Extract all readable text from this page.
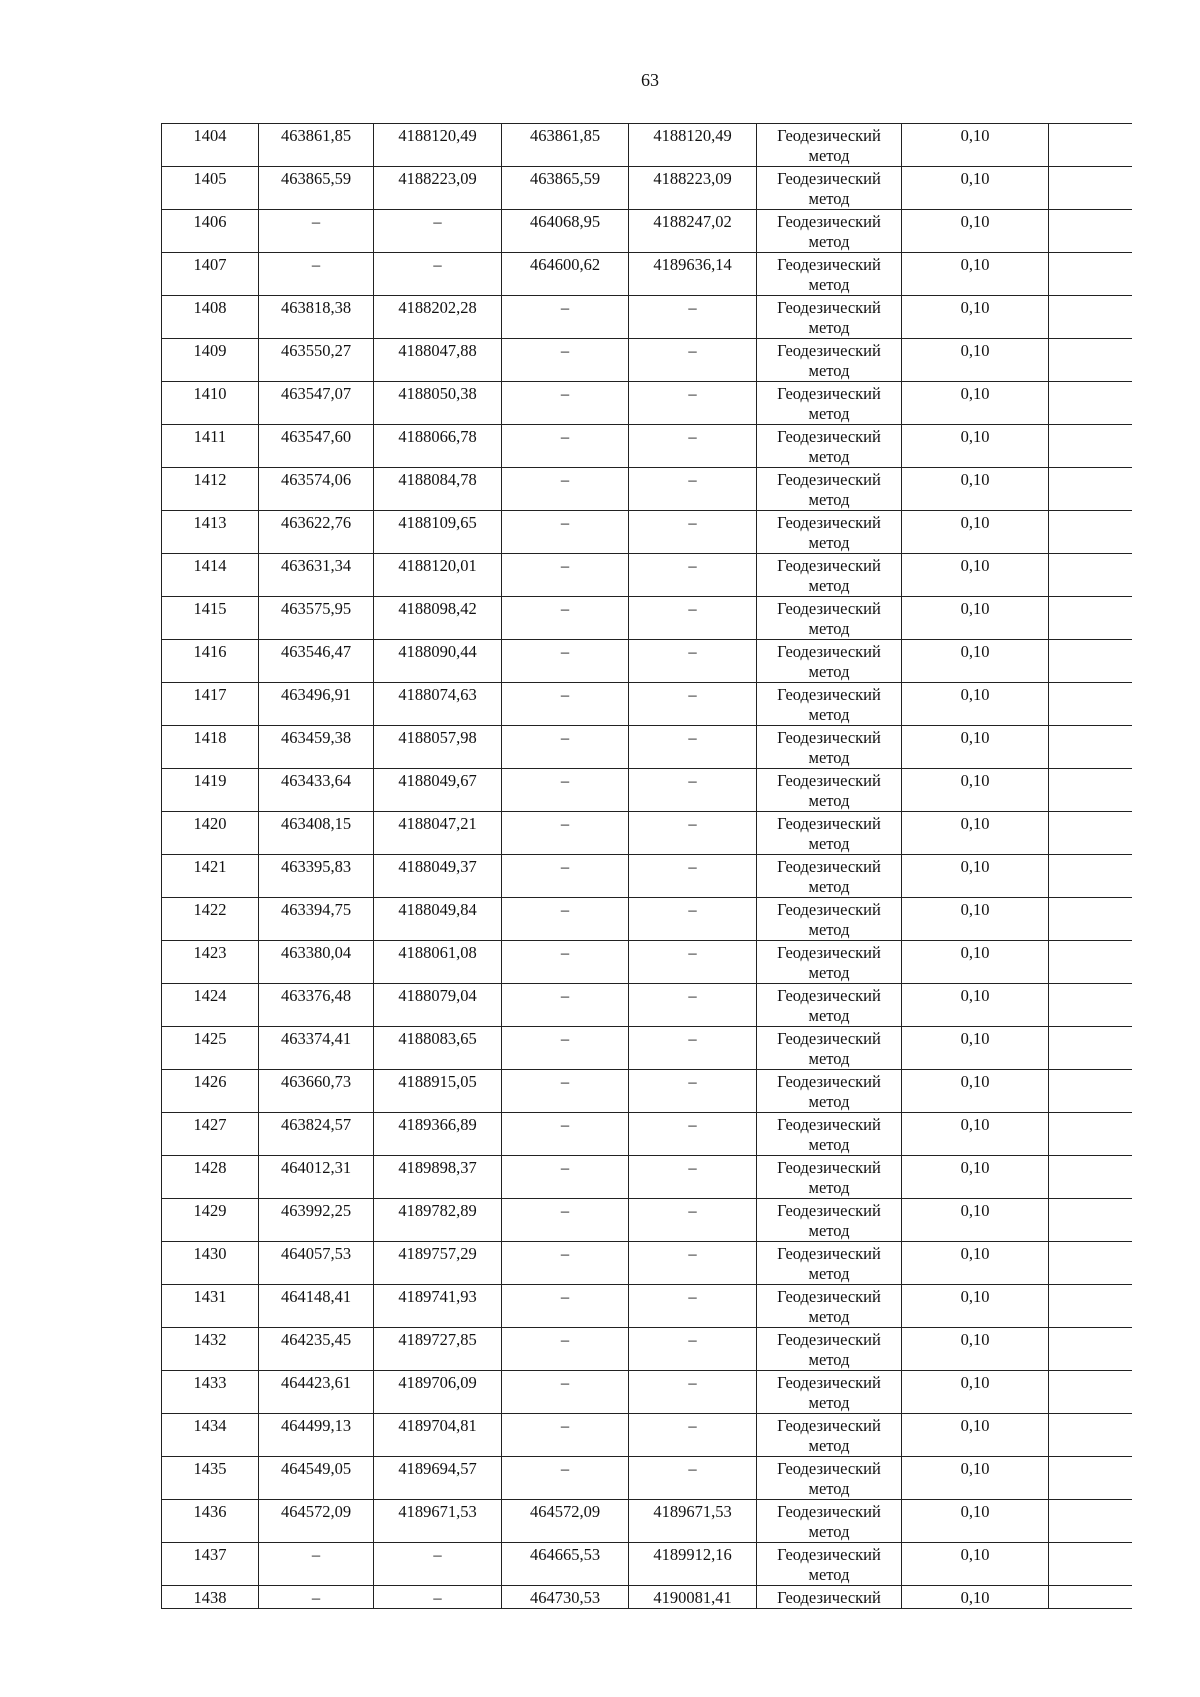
63
1404	463861,85	4188120,49	463861,85	4188120,49	Геодезический метод	0,10	
1405	463865,59	4188223,09	463865,59	4188223,09	Геодезический метод	0,10	
1406	–	–	464068,95	4188247,02	Геодезический метод	0,10	
1407	–	–	464600,62	4189636,14	Геодезический метод	0,10	
1408	463818,38	4188202,28	–	–	Геодезический метод	0,10	
1409	463550,27	4188047,88	–	–	Геодезический метод	0,10	
1410	463547,07	4188050,38	–	–	Геодезический метод	0,10	
1411	463547,60	4188066,78	–	–	Геодезический метод	0,10	
1412	463574,06	4188084,78	–	–	Геодезический метод	0,10	
1413	463622,76	4188109,65	–	–	Геодезический метод	0,10	
1414	463631,34	4188120,01	–	–	Геодезический метод	0,10	
1415	463575,95	4188098,42	–	–	Геодезический метод	0,10	
1416	463546,47	4188090,44	–	–	Геодезический метод	0,10	
1417	463496,91	4188074,63	–	–	Геодезический метод	0,10	
1418	463459,38	4188057,98	–	–	Геодезический метод	0,10	
1419	463433,64	4188049,67	–	–	Геодезический метод	0,10	
1420	463408,15	4188047,21	–	–	Геодезический метод	0,10	
1421	463395,83	4188049,37	–	–	Геодезический метод	0,10	
1422	463394,75	4188049,84	–	–	Геодезический метод	0,10	
1423	463380,04	4188061,08	–	–	Геодезический метод	0,10	
1424	463376,48	4188079,04	–	–	Геодезический метод	0,10	
1425	463374,41	4188083,65	–	–	Геодезический метод	0,10	
1426	463660,73	4188915,05	–	–	Геодезический метод	0,10	
1427	463824,57	4189366,89	–	–	Геодезический метод	0,10	
1428	464012,31	4189898,37	–	–	Геодезический метод	0,10	
1429	463992,25	4189782,89	–	–	Геодезический метод	0,10	
1430	464057,53	4189757,29	–	–	Геодезический метод	0,10	
1431	464148,41	4189741,93	–	–	Геодезический метод	0,10	
1432	464235,45	4189727,85	–	–	Геодезический метод	0,10	
1433	464423,61	4189706,09	–	–	Геодезический метод	0,10	
1434	464499,13	4189704,81	–	–	Геодезический метод	0,10	
1435	464549,05	4189694,57	–	–	Геодезический метод	0,10	
1436	464572,09	4189671,53	464572,09	4189671,53	Геодезический метод	0,10	
1437	–	–	464665,53	4189912,16	Геодезический метод	0,10	
1438	–	–	464730,53	4190081,41	Геодезический	0,10	
